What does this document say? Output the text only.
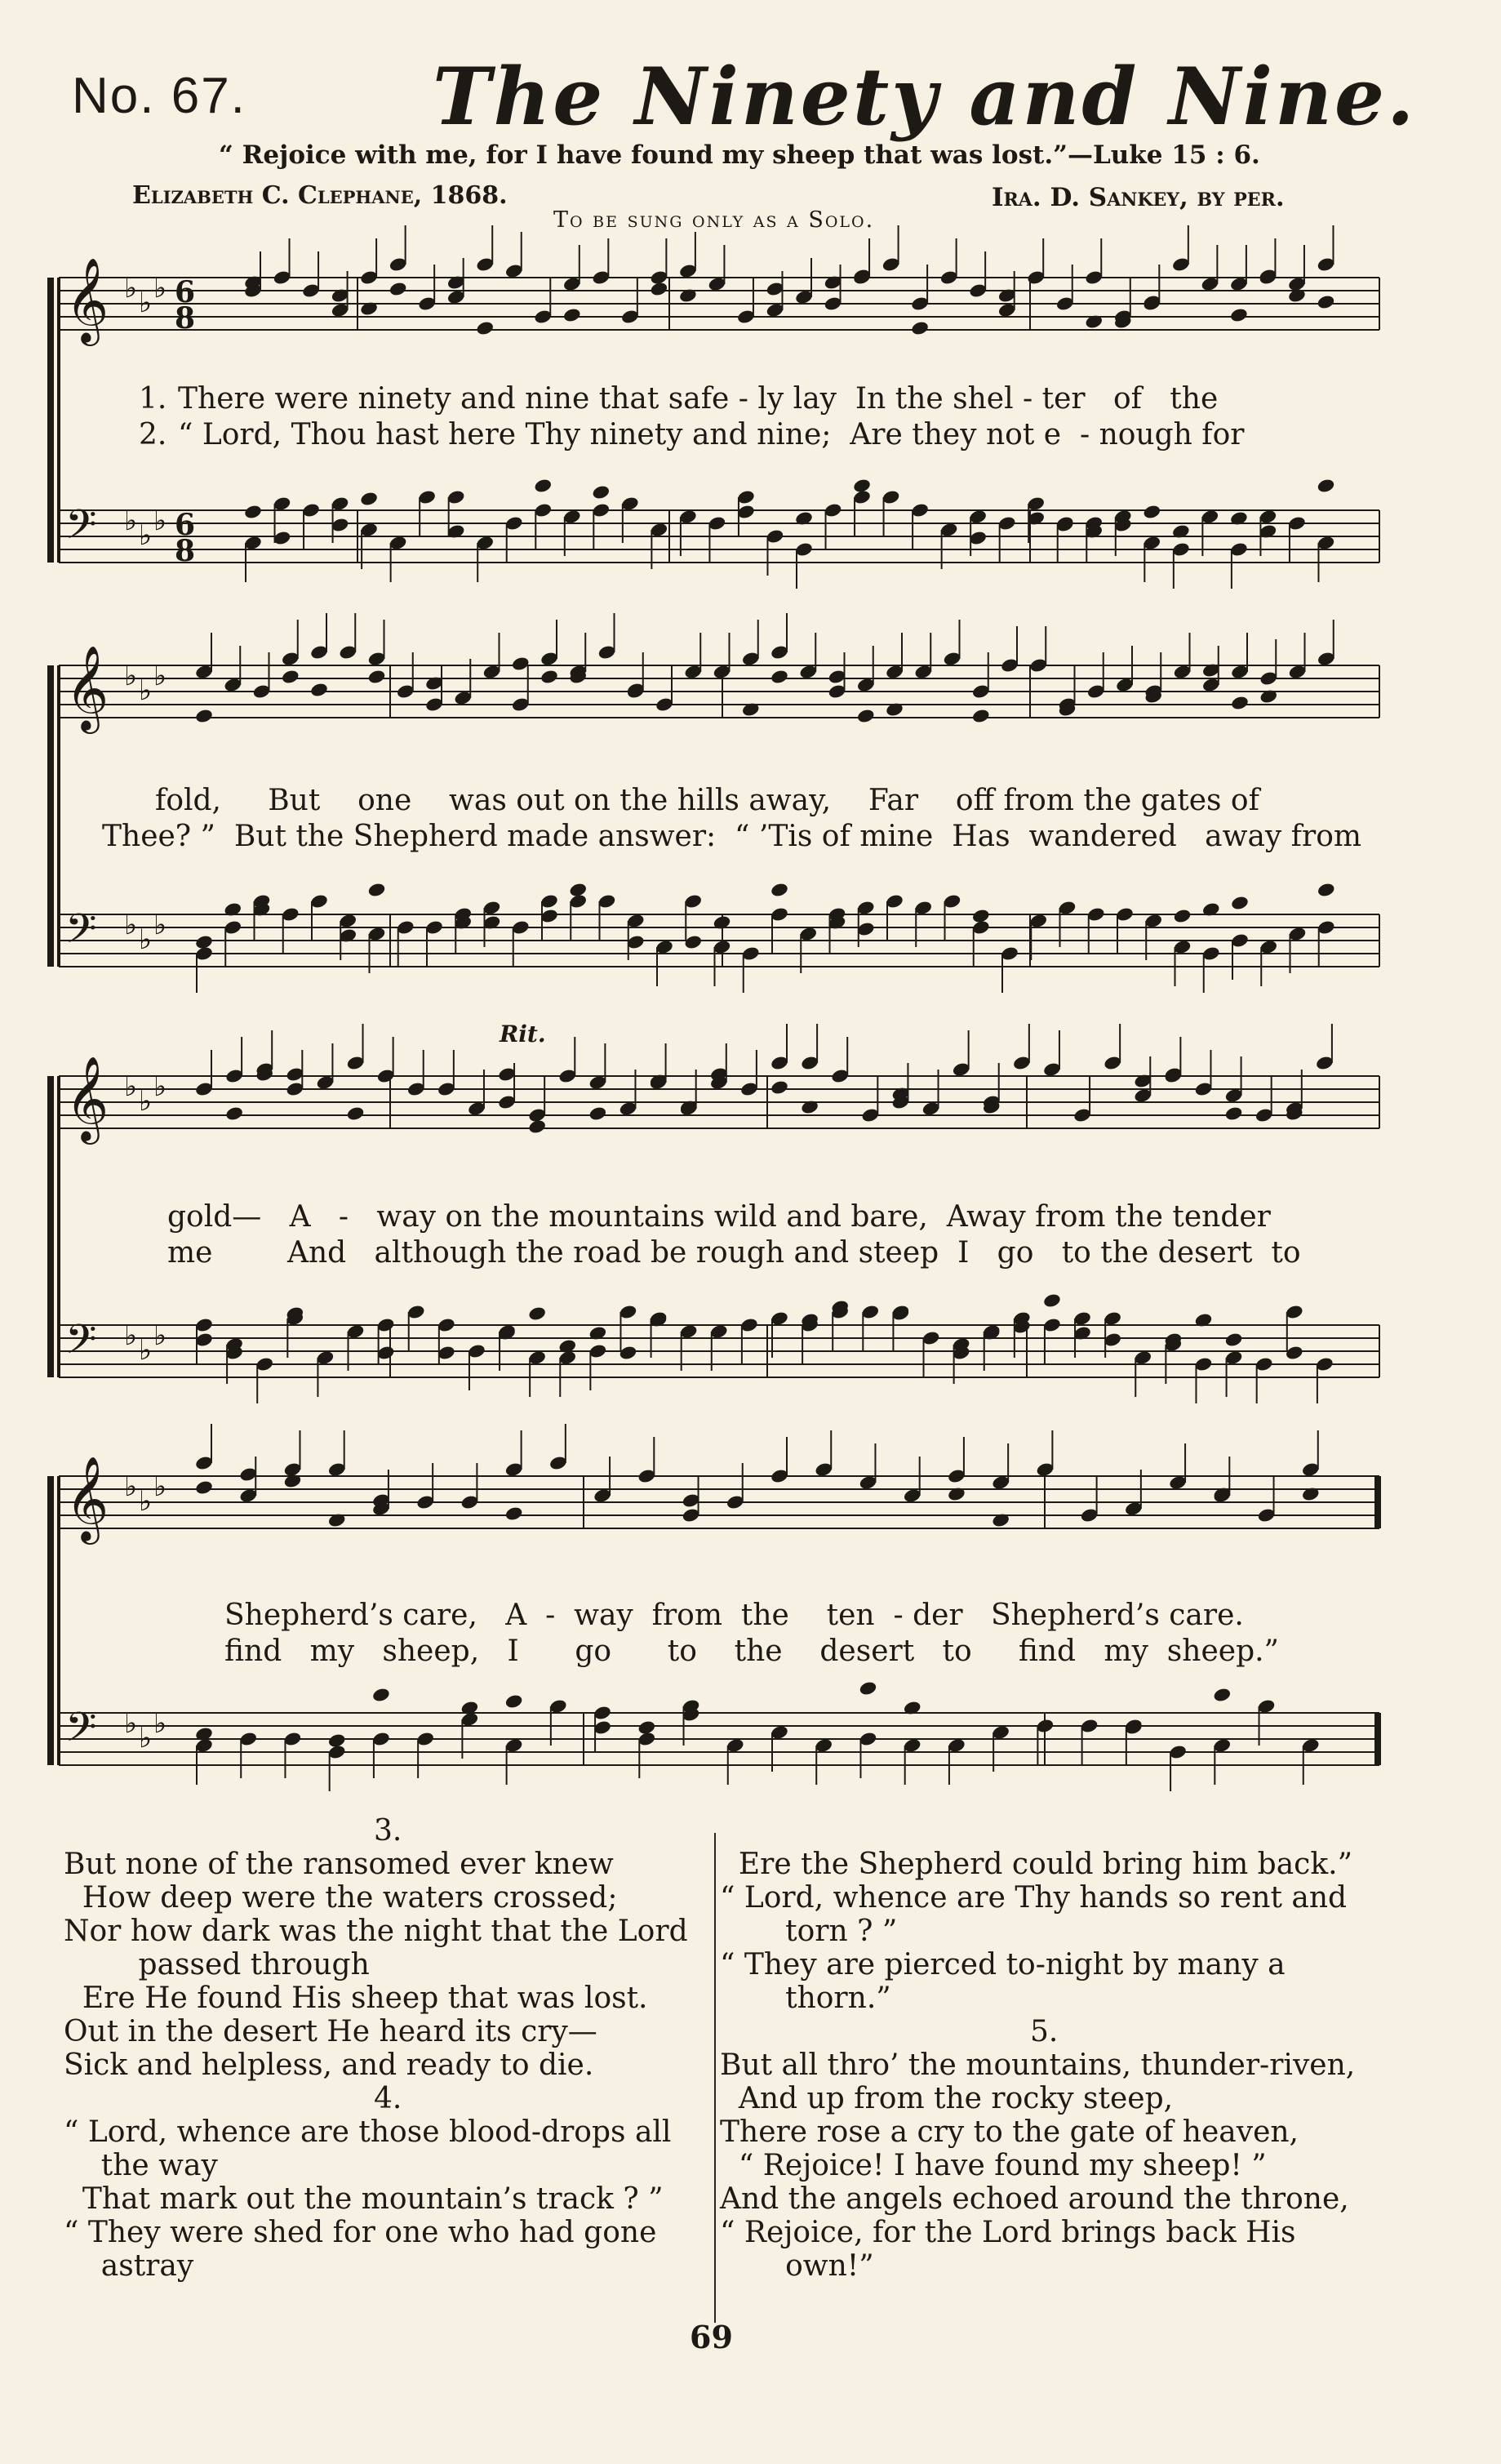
No. 67. The Ninety and Nine.
“ Rejoice with me, for I have found my sheep that was lost.”—Luke 15 : 6.
Elizabeth C. Clephane, 1868.	Ira. D. Sankey, by per.
To be sung only as a Solo.
𝄞 ♭ ♭ ♭
𝄢 ♭ ♭ ♭
6
6
8
8
𝄞 ♭ ♭ ♭
𝄢 ♭ ♭ ♭
𝄞 ♭ ♭ ♭
𝄢 ♭ ♭ ♭
𝄞 ♭ ♭ ♭
𝄢 ♭ ♭ ♭
1. There were ninety and nine that safe - ly lay  In the shel - ter   of   the
2. “ Lord, Thou hast here Thy ninety and nine;  Are they not e  - nough for
fold,     But    one    was out on the hills away,    Far    off from the gates of
Thee? ”  But the Shepherd made answer:  “ ’Tis of mine  Has  wandered   away from
Rit.
gold—   A   -   way on the mountains wild and bare,  Away from the tender
me        And   although the road be rough and steep  I   go   to the desert  to
Shepherd’s care,   A  -  way  from  the    ten  - der   Shepherd’s care.
find   my   sheep,   I      go      to    the    desert   to     find   my  sheep.”
3.
But none of the ransomed ever knew
How deep were the waters crossed;
Nor how dark was the night that the Lord
passed through
Ere He found His sheep that was lost.
Out in the desert He heard its cry—
Sick and helpless, and ready to die.
4.
“ Lord, whence are those blood-drops all
the way
That mark out the mountain’s track ? ”
“ They were shed for one who had gone
astray
Ere the Shepherd could bring him back.”
“ Lord, whence are Thy hands so rent and
torn ? ”
“ They are pierced to-night by many a
thorn.”
5.
But all thro’ the mountains, thunder-riven,
And up from the rocky steep,
There rose a cry to the gate of heaven,
“ Rejoice! I have found my sheep! ”
And the angels echoed around the throne,
“ Rejoice, for the Lord brings back His
own!”
69
